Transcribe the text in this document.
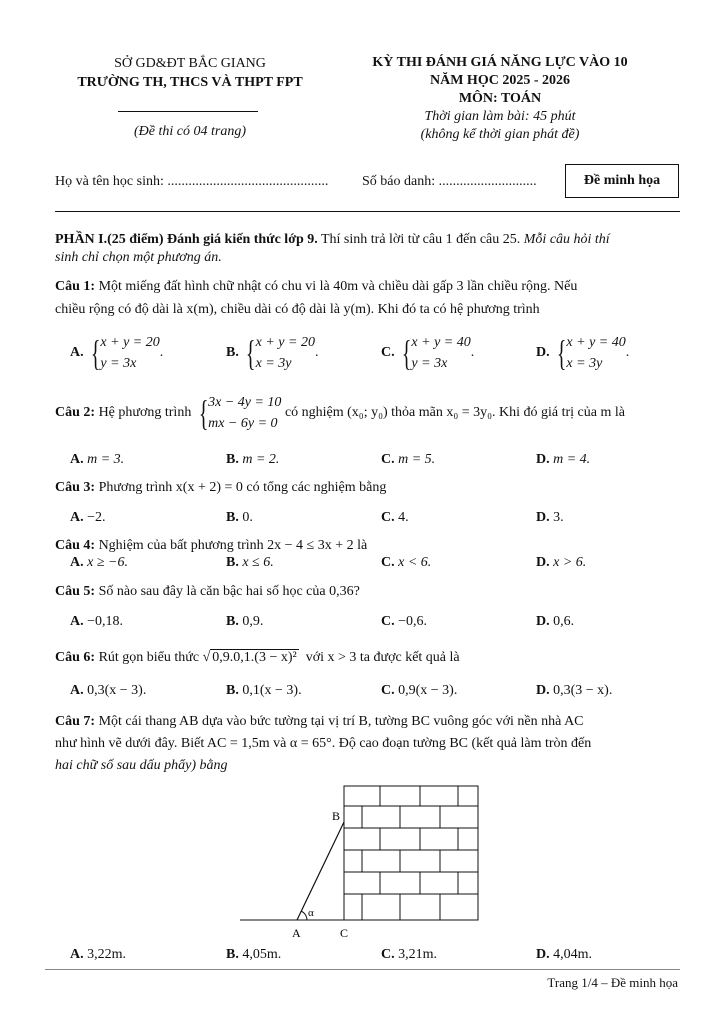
SỞ GD&ĐT BẮC GIANG
TRƯỜNG TH, THCS VÀ THPT FPT
(Đề thi có 04 trang)
KỲ THI ĐÁNH GIÁ NĂNG LỰC VÀO 10
NĂM HỌC 2025 - 2026
MÔN: TOÁN
Thời gian làm bài: 45 phút
(không kể thời gian phát đề)
Họ và tên học sinh: .............................................. Số báo danh: ............................	Đề minh họa
PHẦN I.(25 điểm) Đánh giá kiến thức lớp 9. Thí sinh trả lời từ câu 1 đến câu 25. Mỗi câu hỏi thí
sinh chỉ chọn một phương án.
Câu 1: Một miếng đất hình chữ nhật có chu vi là 40m và chiều dài gấp 3 lần chiều rộng. Nếu
chiều rộng có độ dài là x(m), chiều dài có độ dài là y(m). Khi đó ta có hệ phương trình
A. { x + y = 20
y = 3x
.	B. { x + y = 20
x = 3y
.	C. { x + y = 40
y = 3x
.	D. { x + y = 40
x = 3y
.
Câu 2: Hệ phương trình { 3x − 4y = 10
mx − 6y = 0
có nghiệm (x₀; y₀) thỏa mãn x₀ = 3y₀. Khi đó giá trị của m là
A. m = 3.	B. m = 2.	C. m = 5.	D. m = 4.
Câu 3: Phương trình x(x + 2) = 0 có tổng các nghiệm bằng
A. −2.	B. 0.	C. 4.	D. 3.
Câu 4: Nghiệm của bất phương trình 2x − 4 ≤ 3x + 2 là
A. x ≥ −6.	B. x ≤ 6.	C. x < 6.	D. x > 6.
Câu 5: Số nào sau đây là căn bậc hai số học của 0,36?
A. −0,18.	B. 0,9.	C. −0,6.	D. 0,6.
Câu 6: Rút gọn biểu thức √ 0,9.0,1.(3 − x)² với x > 3 ta được kết quả là
A. 0,3(x − 3).	B. 0,1(x − 3).	C. 0,9(x − 3).	D. 0,3(3 − x).
Câu 7: Một cái thang AB dựa vào bức tường tại vị trí B, tường BC vuông góc với nền nhà AC
như hình vẽ dưới đây. Biết AC = 1,5m và α = 65°. Độ cao đoạn tường BC (kết quả làm tròn đến
hai chữ số sau dấu phẩy) bằng
B
A	C
α
A. 3,22m.	B. 4,05m.	C. 3,21m.	D. 4,04m.
Trang 1/4 – Đề minh họa
